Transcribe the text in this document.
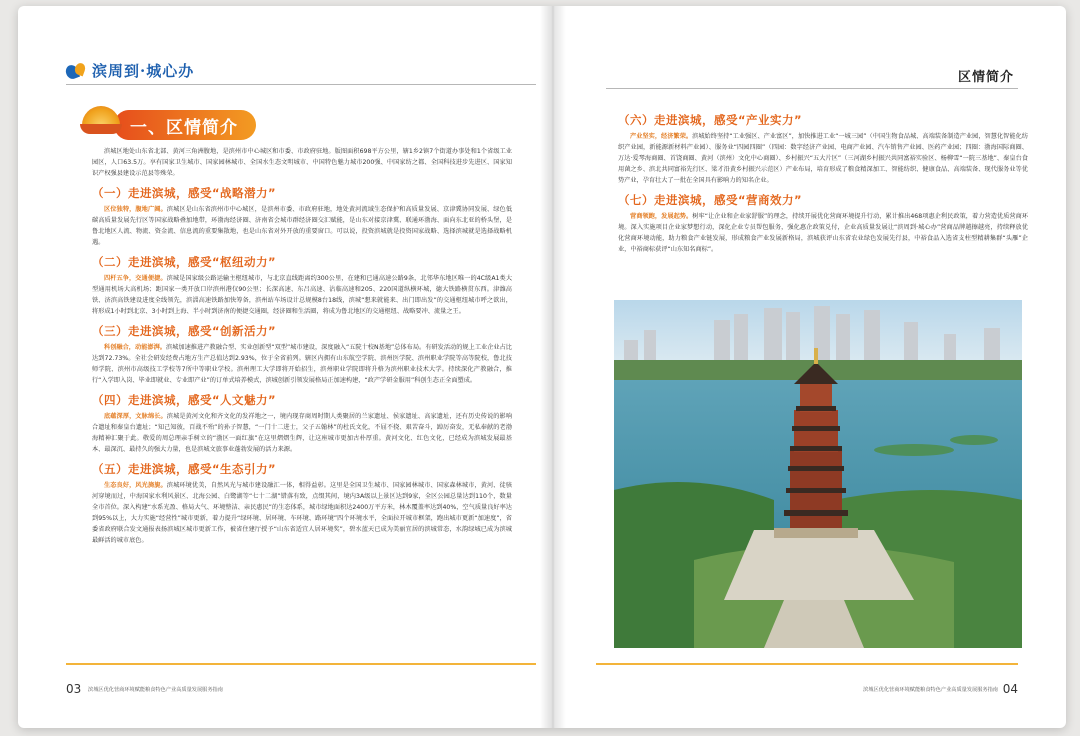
滨周到·城心办
一、区情简介

滨城区地处山东省北部、黄河三角洲腹地，是滨州市中心城区和市委、市政府驻地。版图面积698平方公里，辖1乡2镇7个街道办事处和1个省级工业园区，人口63.5万。享有国家卫生城市、国家园林城市、全国水生态文明城市、中国特色魅力城市200强、中国家纺之都、全国科技进步先进区、国家知识产权强县建设示范县等殊荣。

（一）走进滨城，感受“战略潜力”

区位独特，腹地广阔。滨城区是山东省滨州市中心城区，是滨州市委、市政府驻地，地处黄河流域生态保护和高质量发展、京津冀协同发展、绿色低碳高质量发展先行区等国家战略叠加地带，环渤海经济圈、济南省会城市群经济圈交汇赋能，是山东对接京津冀、联通环渤海、面向东北亚的桥头堡，是鲁北地区人流、物流、资金流、信息流的重要集散地，也是山东省对外开放的重要窗口。可以说，投资滨城就是投资国家战略、选择滨城就是选择战略机遇。

（二）走进滨城，感受“枢纽动力”

四杆五争，交通便捷。滨城是国家级公路运输主枢纽城市，与北京直线距离约300公里，在建和已通高速公路9条，北邻华东地区唯一的4C级A1类大型通用机场大高机场；距国家一类开放口岸滨州港仅90公里；长深高速、东吕高速、沾临高速和205、220国道纵横环城，德大铁路横贯东西。津潍高铁、济滨高铁建设进度全线领先，滨淄高速铁路加快筹备，滨州站车场设计总规模8台18线，滨城“想来就能来、出门即出发”的交通枢纽城市呼之欲出，将形成1小时到北京、3小时到上海、半小时到济南的便捷交通圈，经济圈和生活圈，将成为鲁北地区的交通枢纽、战略要冲、流量之王。

（三）走进滨城，感受“创新活力”

科创融合，动能澎湃。滨城加速推进产教融合型、实业创新型“双型”城市建设，深度融入“五院十校N基地”总体布局。有研发活动的规上工业企业占比达到72.73%。全社会研发经费占地方生产总值达到2.93%，位于全省前列。辖区内拥有山东航空学院、滨州医学院、滨州职业学院等高等院校，鲁北技师学院、滨州市高级技工学校等7所中等职业学校。滨州理工大学即将开始招生，滨州职业学院即将升格为滨州职业技术大学。持续深化产教融合，推行“入学即入岗、毕业即就业、专业即产业”的订单式培养模式，滨城创新引领发展格局正加速构建，“政产学研金服用”科创生态正全面塑成。

（四）走进滨城，感受“人文魅力”

底蕴深厚，文脉绵长。滨城是黄河文化和齐文化的发祥地之一，境内现存商周时期人类聚居的兰家遗址、侯家遗址、高家遗址，还有历史传说的影响合遗址和秦皇台遗址；“知己知彼，百战不殆”的孙子智慧，“一门十二进士，父子五翰林”的杜氏文化，不屈不挠、艰苦奋斗，踔厉奋发，无私奉献的老渤海精神汇聚于此。敬爱的周总理亲手树立的“渤区一面红旗”在这里熠熠生辉，让这座城市更加古朴厚重。黄河文化、红色文化，已经成为滨城发展最基本、最深沉、最持久的强大力量，也是滨城文旅事业蓬勃发展的活力来源。

（五）走进滨城，感受“生态引力”

生态良好，风光旖旎。滨城环境优美，自然风光与城市建设融汇一体，相得益彰。这里是全国卫生城市、国家园林城市、国家森林城市，黄河、徒骇河穿境而过，中海国家水利风景区、北海公园、白鹭湖等“七十二湖”错落有致，点缀其间，境内3A级以上景区达到9家，全区公园总量达到110个，数量全市首位。深入构建“水系光盈、格局大气、环境整洁、亲民惠民”的生态体系，城市绿地面积达2400万平方米，林木覆盖率达到40%，空气质量良好率达到95%以上，大力实施“经营性”城市更新，着力提升“绿环境、居环境、车环境、路环境”四个环境水平，全面拉开城市框架，跑出城市更新“加速度”，省委省政府联合发文通报表扬滨城区城市更新工作，被省住建厅授予“山东省适宜人居环境奖”，碧水蓝天已成为美丽宜居的滨城常态，水韵绿城已成为滨城最鲜活的城市底色。

03 滨城区优化营商环境赋能粮食特色产业高质量发展服务指南
区情简介
（六）走进滨城，感受“产业实力”

产业坚实，经济繁荣。滨城始终坚持“工业强区、产业富区”，加快推进工业“一城三园”（中国生物食品城、高端装备制造产业园，智慧化智能化纺织产业园，新能源新材料产业园）、服务业“四园四圈”（四园：数字经济产业园、电商产业园、汽车销售产业园、医药产业园；四圈：渤海国际商圈、万达·爱琴海商圈、首饶商圈、黄河（滨州）文化中心商圈）、乡村振兴“五大片区”（三河湖乡村振兴共同富裕实验区、杨柳雪“一院三基地”、秦皇台食用菌之乡、滨北共同富裕先行区、梁才沿黄乡村振兴示范区）产业布局，培育形成了粮食精深加工、智能纺织、健康食品、高端装备、现代服务业等优势产业，孕育壮大了一批在全国具有影响力的知名企业。

（七）走进滨城，感受“营商效力”

营商领跑，发展起势。树牢“让企业和企业家舒服”的理念，持续开展优化营商环境提升行动，累计推出468项惠企利民政策，着力营造优质营商环境。深入实施项目企业家梦想行动，深化企业专员帮包服务，强化惠企政策兑付，企业高质量发展让“滨周到·城心办”营商品牌越擦越亮，持续释放优化营商环境动能，助力粮食产业链发展，形成粮食产业发展新格局，滨城获评山东省农业绿色发展先行县，中裕食品入选省支柱型精耕集群“头雁”企业，中裕商标获评“山东知名商标”。

滨城区优化营商环境赋能粮食特色产业高质量发展服务指南 04
